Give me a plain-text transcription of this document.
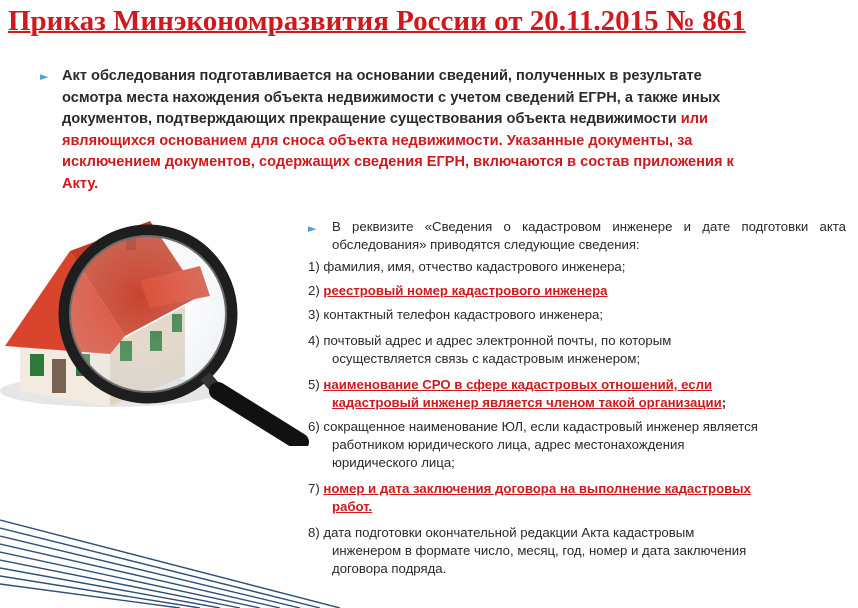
Приказ Минэкономразвития России от 20.11.2015 № 861
► Акт обследования подготавливается на основании сведений, полученных в результате осмотра места нахождения объекта недвижимости с учетом сведений ЕГРН, а также иных документов, подтверждающих прекращение существования объекта недвижимости или являющихся основанием для сноса объекта недвижимости. Указанные документы, за исключением документов, содержащих сведения ЕГРН, включаются в состав приложения к Акту.
►	В реквизите «Сведения о кадастровом инженере и дате подготовки акта обследования» приводятся следующие сведения:

1) фамилия, имя, отчество кадастрового инженера;

2) реестровый номер кадастрового инженера

3) контактный телефон кадастрового инженера;

4) почтовый адрес и адрес электронной почты, по которым

осуществляется связь с кадастровым инженером;

5) наименование СРО в сфере кадастровых отношений, если

кадастровый инженер является членом такой организации;

6) сокращенное наименование ЮЛ, если кадастровый инженер является

работником юридического лица, адрес местонахождения

юридического лица;

7) номер и дата заключения договора на выполнение кадастровых

работ.

8) дата подготовки окончательной редакции Акта кадастровым

инженером в формате число, месяц, год, номер и дата заключения

договора подряда.
